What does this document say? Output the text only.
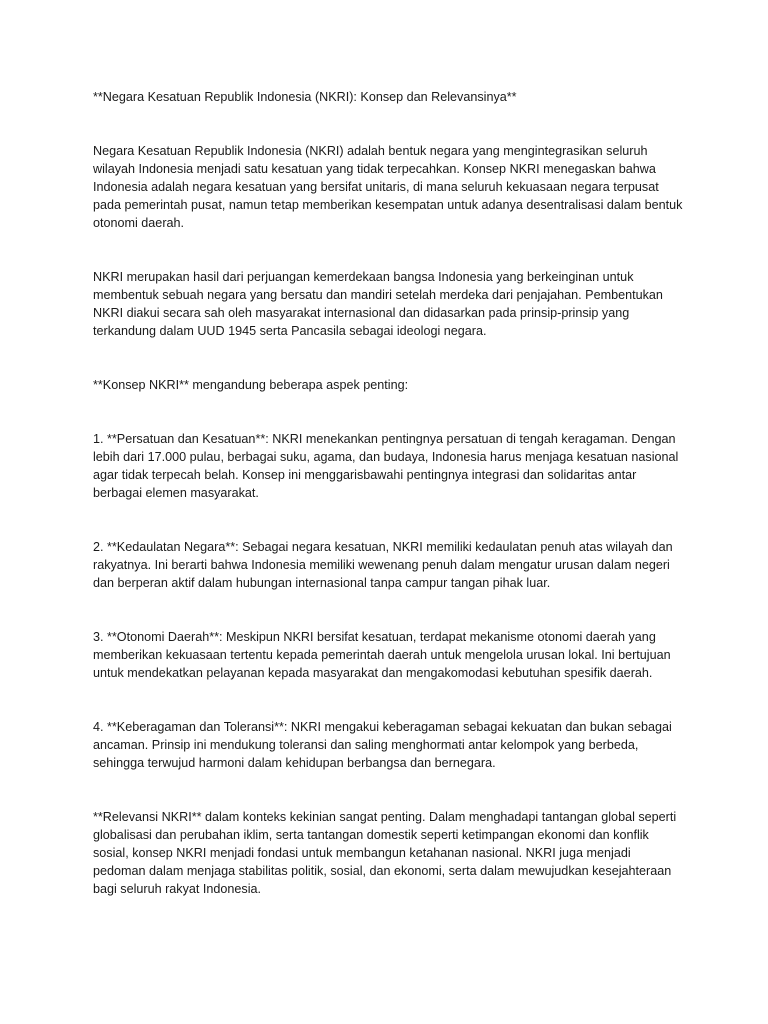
**Negara Kesatuan Republik Indonesia (NKRI): Konsep dan Relevansinya**

Negara Kesatuan Republik Indonesia (NKRI) adalah bentuk negara yang mengintegrasikan seluruh wilayah Indonesia menjadi satu kesatuan yang tidak terpecahkan. Konsep NKRI menegaskan bahwa Indonesia adalah negara kesatuan yang bersifat unitaris, di mana seluruh kekuasaan negara terpusat pada pemerintah pusat, namun tetap memberikan kesempatan untuk adanya desentralisasi dalam bentuk otonomi daerah.

NKRI merupakan hasil dari perjuangan kemerdekaan bangsa Indonesia yang berkeinginan untuk membentuk sebuah negara yang bersatu dan mandiri setelah merdeka dari penjajahan. Pembentukan NKRI diakui secara sah oleh masyarakat internasional dan didasarkan pada prinsip-prinsip yang terkandung dalam UUD 1945 serta Pancasila sebagai ideologi negara.

**Konsep NKRI** mengandung beberapa aspek penting:

1. **Persatuan dan Kesatuan**: NKRI menekankan pentingnya persatuan di tengah keragaman. Dengan lebih dari 17.000 pulau, berbagai suku, agama, dan budaya, Indonesia harus menjaga kesatuan nasional agar tidak terpecah belah. Konsep ini menggarisbawahi pentingnya integrasi dan solidaritas antar berbagai elemen masyarakat.

2. **Kedaulatan Negara**: Sebagai negara kesatuan, NKRI memiliki kedaulatan penuh atas wilayah dan rakyatnya. Ini berarti bahwa Indonesia memiliki wewenang penuh dalam mengatur urusan dalam negeri dan berperan aktif dalam hubungan internasional tanpa campur tangan pihak luar.

3. **Otonomi Daerah**: Meskipun NKRI bersifat kesatuan, terdapat mekanisme otonomi daerah yang memberikan kekuasaan tertentu kepada pemerintah daerah untuk mengelola urusan lokal. Ini bertujuan untuk mendekatkan pelayanan kepada masyarakat dan mengakomodasi kebutuhan spesifik daerah.

4. **Keberagaman dan Toleransi**: NKRI mengakui keberagaman sebagai kekuatan dan bukan sebagai ancaman. Prinsip ini mendukung toleransi dan saling menghormati antar kelompok yang berbeda, sehingga terwujud harmoni dalam kehidupan berbangsa dan bernegara.

**Relevansi NKRI** dalam konteks kekinian sangat penting. Dalam menghadapi tantangan global seperti globalisasi dan perubahan iklim, serta tantangan domestik seperti ketimpangan ekonomi dan konflik sosial, konsep NKRI menjadi fondasi untuk membangun ketahanan nasional. NKRI juga menjadi pedoman dalam menjaga stabilitas politik, sosial, dan ekonomi, serta dalam mewujudkan kesejahteraan bagi seluruh rakyat Indonesia.
